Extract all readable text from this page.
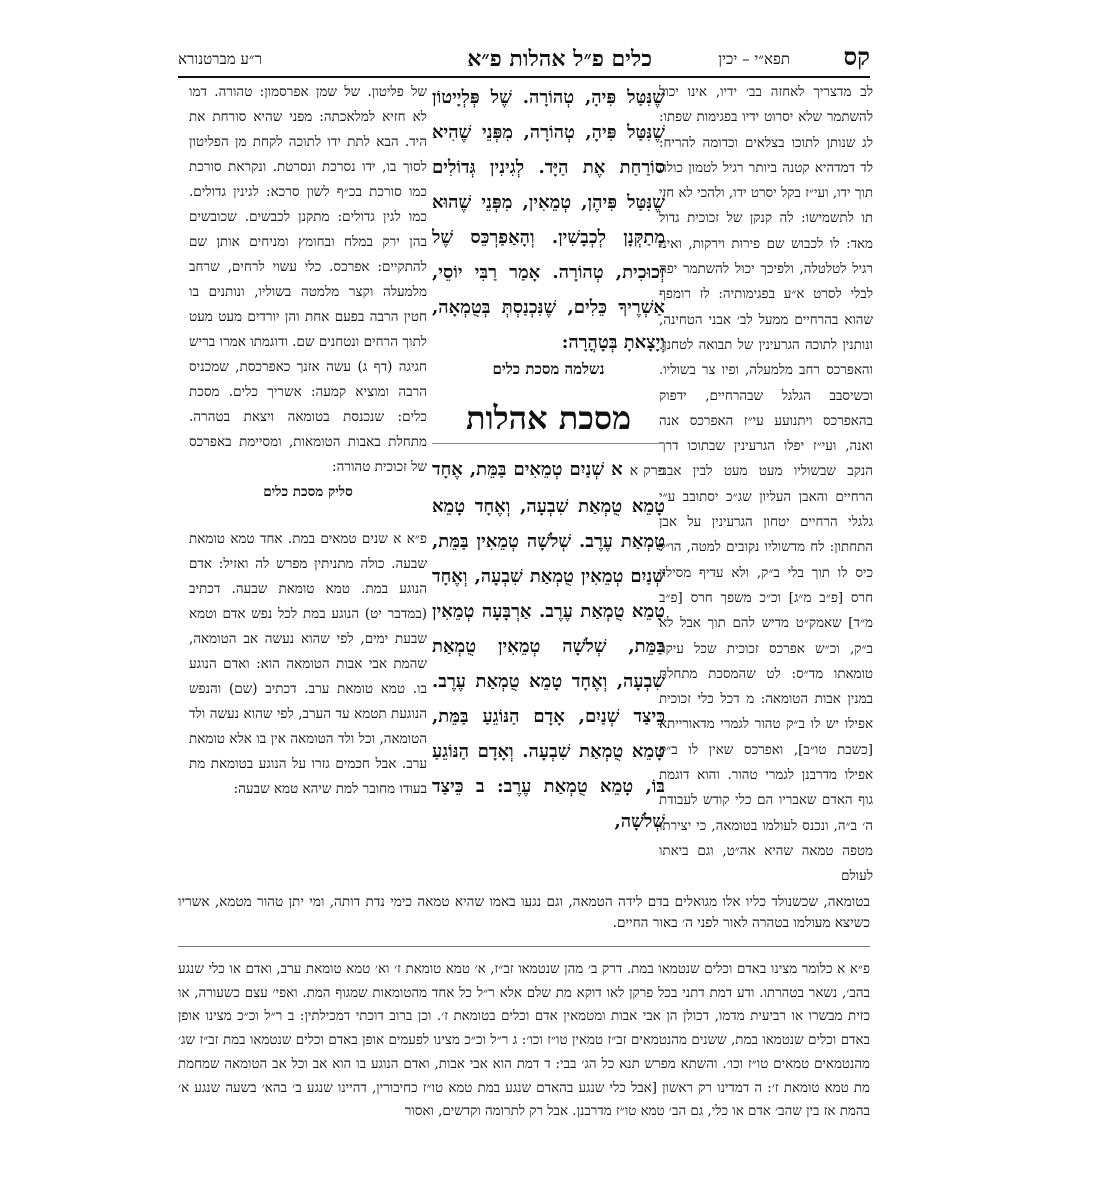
קס
תפא״י – יכין
כלים פ״ל אהלות פ״א
ר״ע מברטנורא

לב מדצריך לאחזה בב׳ ידיו, אינו יכול להשתמר שלא יסרוט ידיו בפגימות שפתו: לג שנותן לתוכו בצלאים וכדומה להריח: לד דמדהיא קטנה ביותר רגיל לטמון כולה תוך ידו, ועי״ז בקל יסרט ידו, ולהכי לא חזי תו לתשמישו: לה קנקן של זכוכית גדול מאד: לו לכבוש שם פירות וירקות, ואינו רגיל לטלטלה, ולפיכך יכול להשתמר יפה לבלי לסרט א״ע בפגימותיה: לז רומפף שהוא בהרחיים ממעל לב׳ אבני הטחינה, ונותנין לתוכה הגרעינין של תבואה לטחנן. והאפרכס רחב מלמעלה, ופיו צר בשוליו. וכשיסבב הגלגל שבהרחיים, ידפוק בהאפרכס ויתנועע עי״ז האפרכס אנה ואנה, ועי״ז יפלו הגרעינין שבתוכו דרך הנקב שבשוליו מעט מעט לבין אבני הרחיים והאבן העליון שג״כ יסתובב ע״י גלגלי הרחיים יטחון הגרעינין על אבן התחתון: לח מדשוליו נקובים למטה, הו״ל כיס לו תוך בלי ב״ק, ולא עדיף מסילון חרס [פ״ב מ״ג] וכ״כ משפך חרס [פ״ב מ״ד] שאמק״ט מדיש להם תוך אבל לא ב״ק, וכ״ש אפרכס זכוכית שכל עיקר טומאתו מד״ס: לט שהמסכת מתחלת במנין אבות הטומאה: מ דכל כלי זכוכית אפילו יש לו ב״ק טהור לגמרי מדאורייתא [כשבת טו״ב], ואפרכס שאין לו ב״ק אפילו מדרבנן לגמרי טהור. והוא דוגמת גוף האדם שאבריו הם כלי קודש לעבודת ה׳ ב״ה, ונכנס לעולמו בטומאה, כי יצירתו מטפה טמאה שהיא אה״ט, וגם ביאתו לעולם

שֶׁנִּטַּל פִּיהָ, טְהוֹרָה. שֶׁל פְּלְיָיטוֹן שֶׁנִּטַּל פִּיהָ, טְהוֹרָה, מִפְּנֵי שֶׁהִיא סוֹרַחַת אֶת הַיָּד. לְגִינִין גְּדוֹלִים שֶׁנִּטַּל פִּיהֶן, טְמֵאִין, מִפְּנֵי שֶׁהוּא מְתַקְּנָן לְכְבָשִׁין. וְהָאַפַרְכֵּס שֶׁל זְכוּכִית, טְהוֹרָה. אָמַר רַבִּי יוֹסֵי, אַשְׁרֶיךָ כֵּלִים, שֶׁנִּכְנַסְתְּ בְּטֻמְאָה, וְיָצָאתָ בְּטָהֳרָה:

נשלמה מסכת כלים

מסכת אהלות

פרק א א שְׁנַיִם טְמֵאִים בַּמֵּת, אֶחָד טָמֵא טֻמְאַת שִׁבְעָה, וְאֶחָד טָמֵא טֻמְאַת עֶרֶב. שְׁלֹשָׁה טְמֵאִין בַּמֵּת, שְׁנַיִם טְמֵאִין טֻמְאַת שִׁבְעָה, וְאֶחָד טָמֵא טֻמְאַת עֶרֶב. אַרְבָּעָה טְמֵאִין בַּמֵּת, שְׁלֹשָׁה טְמֵאִין טֻמְאַת שִׁבְעָה, וְאֶחָד טָמֵא טֻמְאַת עֶרֶב. כֵּיצַד שְׁנַיִם, אָדָם הַנּוֹגֵעַ בַּמֵּת, טָמֵא טֻמְאַת שִׁבְעָה. וְאָדָם הַנּוֹגֵעַ בּוֹ, טָמֵא טֻמְאַת עֶרֶב: ב כֵּיצַד שְׁלֹשָׁה,

של פליטון. של שמן אפרסמון: טהורה. דמו לא חזיא למלאכתה: מפני שהיא סורחת את היד. הבא לתת ידו לתוכה לקחת מן הפליטון לסוך בו, ידו נסרכת ונסרטת. ונקראת סורכת כמו סורכת בכ״ף לשון סרכא: לגינין גדולים. כמו לגין גדולים: מתקנן לכבשים. שכובשים בהן ירק במלח ובחומץ ומניחים אותן שם להתקיים: אפרכס. כלי עשוי לרחים, שרחב מלמעלה וקצר מלמטה בשוליו, ונותנים בו חטין הרבה בפעם אחת והן יורדים מעט מעט לתוך הרחים ונטחנים שם. ודוגמתו אמרו בריש חגיגה (דף ג) עשה אזנך כאפרכסת, שמכניס הרבה ומוציא קמעה: אשריך כלים. מסכת כלים: שנכנסת בטומאה ויצאת בטהרה. מתחלת באבות הטומאות, ומסיימת באפרכס של זכוכית טהורה:

סליק מסכת כלים

פ״א א שנים טמאים במת. אחד טמא טומאת שבעה. כולה מתניתין מפרש לה ואזיל: אדם הנוגע במת. טמא טומאת שבעה. דכתיב (במדבר יט) הנוגע במת לכל נפש אדם וטמא שבעת ימים, לפי שהוא נעשה אב הטומאה, שהמת אבי אבות הטומאה הוא: ואדם הנוגע בו. טמא טומאת ערב. דכתיב (שם) והנפש הנוגעת תטמא עד הערב, לפי שהוא נעשה ולד הטומאה, וכל ולד הטומאה אין בו אלא טומאת ערב. אבל חכמים גזרו על הנוגע בטומאת מת בעודו מחובר למת שיהא טמא שבעה:

בטומאה, שכשנולד כליו אלו מגואלים בדם לידה הטמאה, וגם נגעו באמו שהיא טמאה כימי נדת דותה, ומי יתן טהור מטמא, אשריו כשיצא מעולמו בטהרה לאור לפני ה׳ באור החיים.

פ״א א כלומר מצינו באדם וכלים שנטמאו במת. דרק ב׳ מהן שנטמאו זב״ז, א׳ טמא טומאת ז׳ וא׳ טמא טומאת ערב, ואדם או כלי שנגע בהב׳, נשאר בטהרתו. ודע דמת דתני בכל פרקן לאו דוקא מת שלם אלא ר״ל כל אחד מהטומאות שמגוף המת. ואפי׳ עצם כשעורה, או כזית מבשרו או רביעית מדמו, דכולן הן אבי אבות ומטמאין אדם וכלים בטומאת ז׳. וכן ברוב דוכתי דמכילתין: ב ר״ל וכ״כ מצינו אופן באדם וכלים שנטמאו במת, ששנים מהנטמאים זב״ז טמאין טו״ז וכו׳: ג ר״ל וכ״כ מצינו לפעמים אופן באדם וכלים שנטמאו במת זב״ז שג׳ מהנטמאים טמאים טו״ז וכו׳. והשתא מפרש תנא כל הג׳ בבי: ד דמת הוא אבי אבות, ואדם הנוגע בו הוא אב וכל אב הטומאה שמחמת מת טמא טומאת ז׳: ה דמדינו רק ראשון [אבל כלי שנגע בהאדם שנגע במת טמא טו״ז כחיבורין, דהיינו שנגע ב׳ בהא׳ בשעה שנגע א׳ בהמת אז בין שהב׳ אדם או כלי, גם הב׳ טמא טו״ז מדרבנן. אבל רק לתרומה וקדשים, ואסור
